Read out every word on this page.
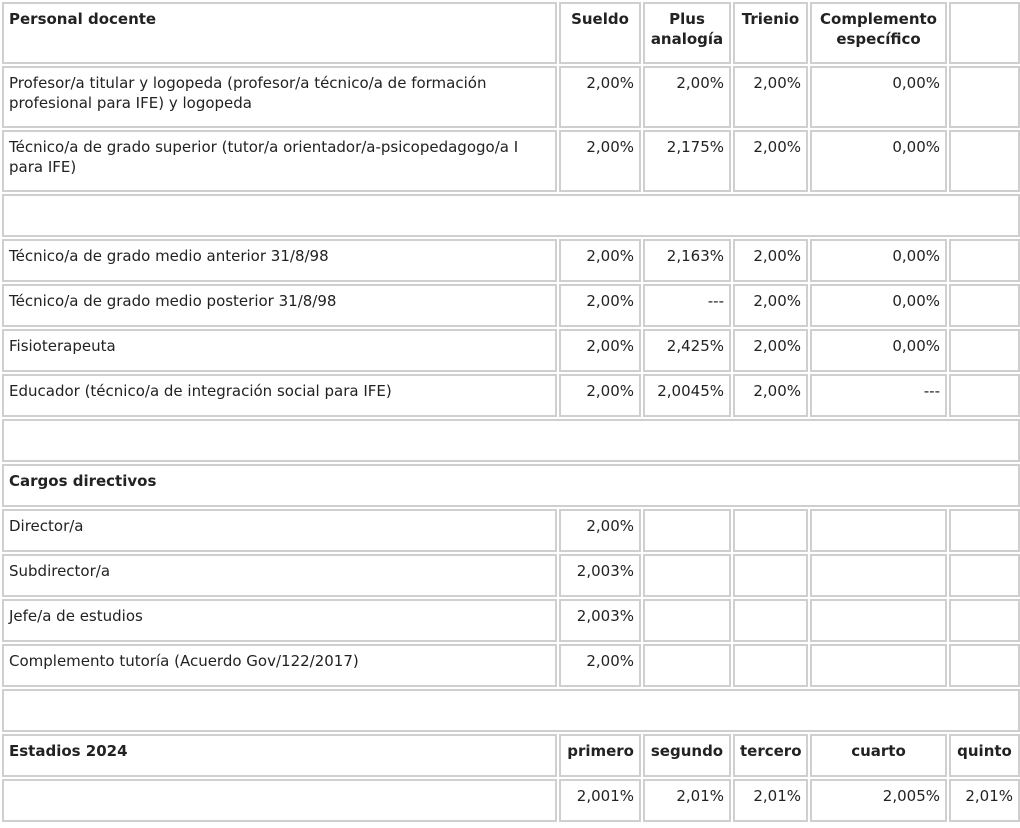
Personal docente	Sueldo	Plus analogía	Trienio	Complemento específico	
Profesor/a titular y logopeda (profesor/a técnico/a de formación profesional para IFE) y logopeda	2,00%	2,00%	2,00%	0,00%	
Técnico/a de grado superior (tutor/a orientador/a-psicopedagogo/a I para IFE)	2,00%	2,175%	2,00%	0,00%	

Técnico/a de grado medio anterior 31/8/98	2,00%	2,163%	2,00%	0,00%	
Técnico/a de grado medio posterior 31/8/98	2,00%	---	2,00%	0,00%	
Fisioterapeuta	2,00%	2,425%	2,00%	0,00%	
Educador (técnico/a de integración social para IFE)	2,00%	2,0045%	2,00%	---	

Cargos directivos					
Director/a	2,00%				
Subdirector/a	2,003%				
Jefe/a de estudios	2,003%				
Complemento tutoría (Acuerdo Gov/122/2017)	2,00%				

Estadios 2024	primero	segundo	tercero	cuarto	quinto
	2,001%	2,01%	2,01%	2,005%	2,01%
